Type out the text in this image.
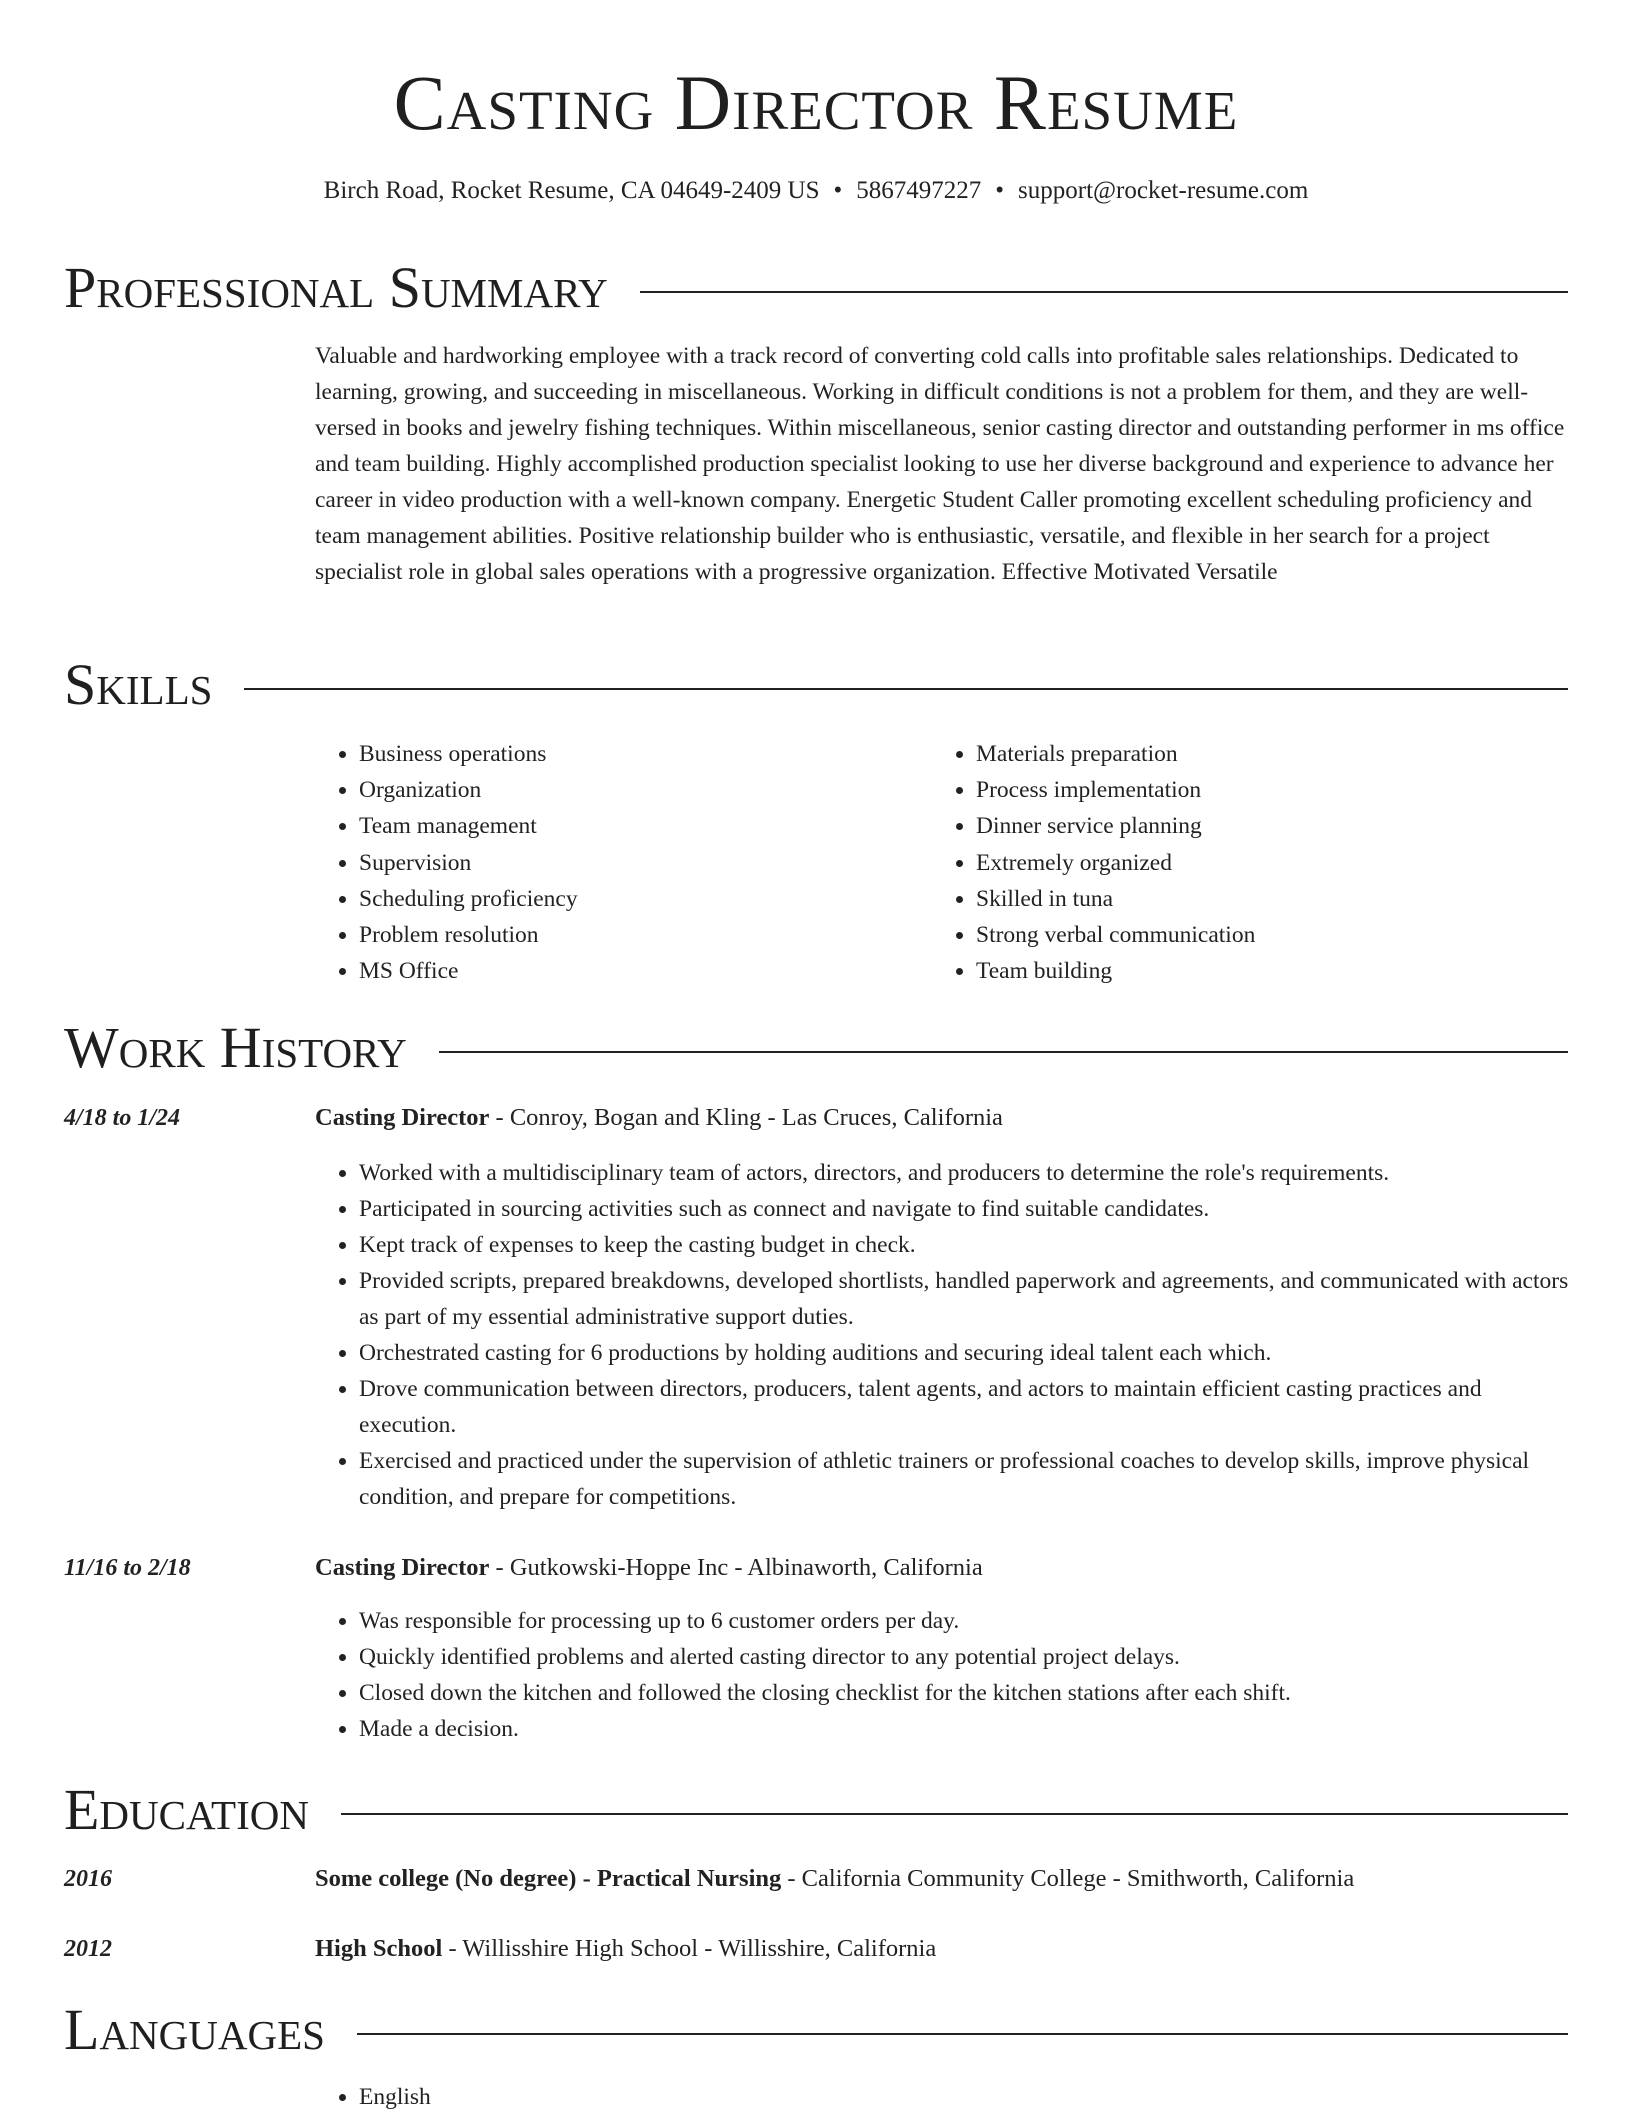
Casting Director Resume
Birch Road, Rocket Resume, CA 04649-2409 US • 5867497227 • support@rocket-resume.com
Professional Summary
Valuable and hardworking employee with a track record of converting cold calls into profitable sales relationships. Dedicated to learning, growing, and succeeding in miscellaneous. Working in difficult conditions is not a problem for them, and they are well-versed in books and jewelry fishing techniques. Within miscellaneous, senior casting director and outstanding performer in ms office and team building. Highly accomplished production specialist looking to use her diverse background and experience to advance her career in video production with a well-known company. Energetic Student Caller promoting excellent scheduling proficiency and team management abilities. Positive relationship builder who is enthusiastic, versatile, and flexible in her search for a project specialist role in global sales operations with a progressive organization. Effective Motivated Versatile
Skills
• Business operations
• Organization
• Team management
• Supervision
• Scheduling proficiency
• Problem resolution
• MS Office
• Materials preparation
• Process implementation
• Dinner service planning
• Extremely organized
• Skilled in tuna
• Strong verbal communication
• Team building
Work History
4/18 to 1/24	Casting Director - Conroy, Bogan and Kling - Las Cruces, California
• Worked with a multidisciplinary team of actors, directors, and producers to determine the role's requirements.
• Participated in sourcing activities such as connect and navigate to find suitable candidates.
• Kept track of expenses to keep the casting budget in check.
• Provided scripts, prepared breakdowns, developed shortlists, handled paperwork and agreements, and communicated with actors as part of my essential administrative support duties.
• Orchestrated casting for 6 productions by holding auditions and securing ideal talent each which.
• Drove communication between directors, producers, talent agents, and actors to maintain efficient casting practices and execution.
• Exercised and practiced under the supervision of athletic trainers or professional coaches to develop skills, improve physical condition, and prepare for competitions.
11/16 to 2/18	Casting Director - Gutkowski-Hoppe Inc - Albinaworth, California
• Was responsible for processing up to 6 customer orders per day.
• Quickly identified problems and alerted casting director to any potential project delays.
• Closed down the kitchen and followed the closing checklist for the kitchen stations after each shift.
• Made a decision.
Education
2016	Some college (No degree) - Practical Nursing - California Community College - Smithworth, California
2012	High School - Willisshire High School - Willisshire, California
Languages
• English
